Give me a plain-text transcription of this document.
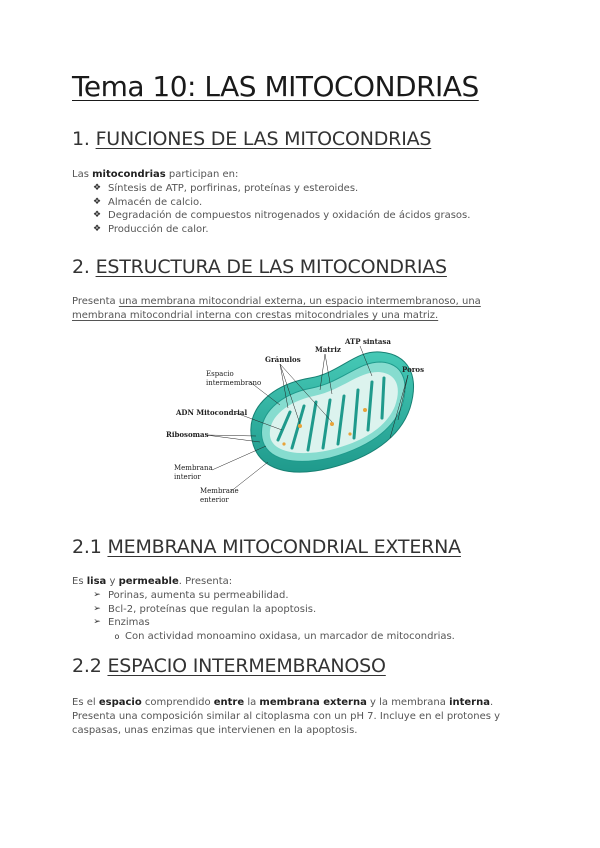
Tema 10: LAS MITOCONDRIAS
1. FUNCIONES DE LAS MITOCONDRIAS

Las mitocondrias participan en:

❖ Síntesis de ATP, porfirinas, proteínas y esteroides.
❖ Almacén de calcio.
❖ Degradación de compuestos nitrogenados y oxidación de ácidos grasos.
❖ Producción de calor.
2. ESTRUCTURA DE LAS MITOCONDRIAS

Presenta una membrana mitocondrial externa, un espacio intermembranoso, una membrana mitocondrial interna con crestas mitocondriales y una matriz.

Matriz
ATP sintasa
Gránulos
Poros
Espacio
intermembrano
ADN Mitocondrial
Ribosomas
Membrana
interior
Membrane
enterior
2.1 MEMBRANA MITOCONDRIAL EXTERNA

Es lisa y permeable. Presenta:

➢ Porinas, aumenta su permeabilidad.
➢ Bcl-2, proteínas que regulan la apoptosis.
➢ Enzimas
o Con actividad monoamino oxidasa, un marcador de mitocondrias.
2.2 ESPACIO INTERMEMBRANOSO

Es el espacio comprendido entre la membrana externa y la membrana interna. Presenta una composición similar al citoplasma con un pH 7. Incluye en el protones y caspasas, unas enzimas que intervienen en la apoptosis.
